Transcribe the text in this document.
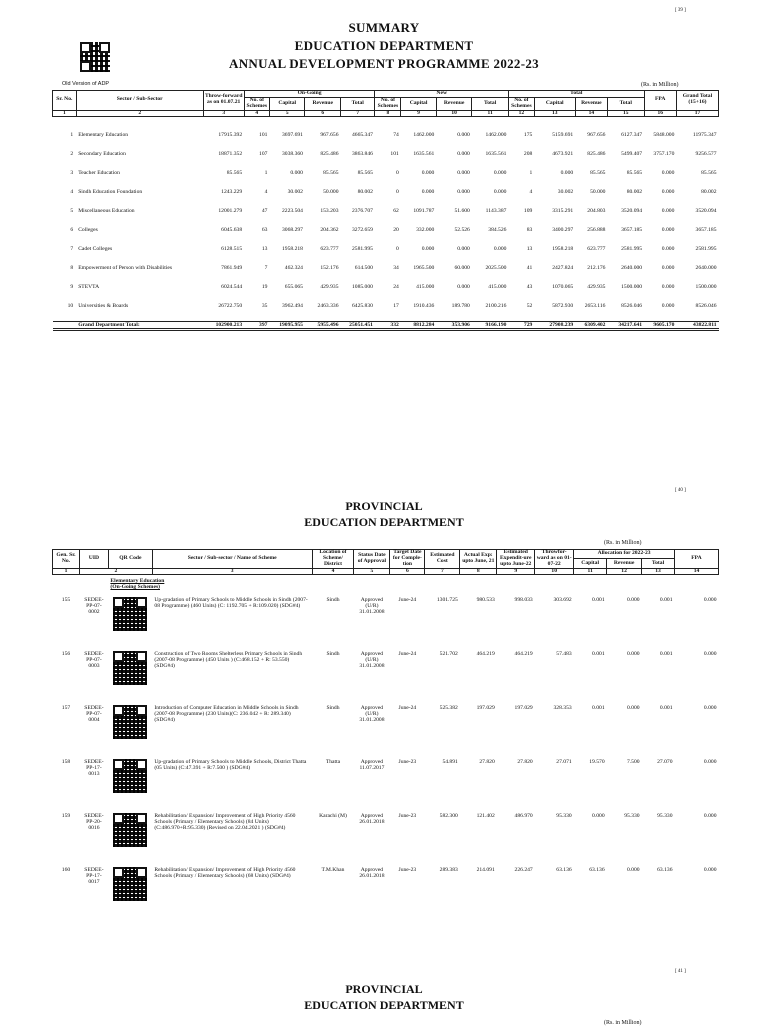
[ 39 ]
SUMMARY
EDUCATION DEPARTMENT
ANNUAL DEVELOPMENT PROGRAMME 2022-23
Old Version of ADP	(Rs. in Million)
Sr. No.	Sector / Sub-Sector	Throw-forward as on 01.07.21	On-Going				New				Total				FPA	Grand Total (15+16)
			No. of Schemes	Capital	Revenue	Total	No. of Schemes	Capital	Revenue	Total	No. of Schemes	Capital	Revenue	Total		
1	2	3	4	5	6	7	8	9	10	11	12	13	14	15	16	17

1	Elementary Education	17915.392	101	3697.691	967.656	4665.347	74	1462.000	0.000	1462.000	175	5159.691	967.656	6127.347	5848.000	11975.347
2	Secondary Education	18871.352	107	3038.360	825.486	3863.846	101	1635.561	0.000	1635.561	208	4673.921	825.486	5499.407	3757.170	9256.577
3	Teacher Education	85.565	1	0.000	85.565	85.565	0	0.000	0.000	0.000	1	0.000	85.565	85.565	0.000	85.565
4	Sindh Education Foundation	1243.229	4	30.002	50.000	80.002	0	0.000	0.000	0.000	4	30.002	50.000	80.002	0.000	80.002
5	Miscellaneous Education	12001.279	47	2223.504	153.203	2376.707	62	1091.787	51.600	1143.387	109	3315.291	204.803	3520.094	0.000	3520.094
6	Colleges	6045.638	63	3068.297	204.362	3272.659	20	332.000	52.526	384.526	83	3400.297	256.888	3657.185	0.000	3657.185
7	Cadet Colleges	6128.515	13	1958.218	623.777	2581.995	0	0.000	0.000	0.000	13	1958.218	623.777	2581.995	0.000	2581.995
8	Empowerment of Person with Disabilities	7861.949	7	462.324	152.176	614.500	34	1965.500	60.000	2025.500	41	2427.824	212.176	2640.000	0.000	2640.000
9	STEVTA	6024.544	19	655.065	429.935	1085.000	24	415.000	0.000	415.000	43	1070.065	429.935	1500.000	0.000	1500.000
10	Universities & Boards	26722.750	35	3962.494	2463.336	6425.830	17	1910.436	189.780	2100.216	52	5872.930	2653.116	8526.046	0.000	8526.046

	Grand Department Total:	102900.213	397	19095.955	5955.496	25051.451	332	8812.284	353.906	9166.190	729	27908.239	6309.402	34217.641	9605.170	43822.811
[ 40 ]
PROVINCIAL
EDUCATION DEPARTMENT
(Rs. in Million)
Gen. Sr. No.	UID	QR Code	Sector / Sub-sector / Name of Scheme	Location of Scheme/ District	Status Date of Approval	Target Date for Comple-tion	Estimated Cost	Actual Exp: upto June, 21	Estimated Expendit-ure upto June-22	Throwfor-ward as on 01-07-22	Allocation for 2022-23			FPA
											Capital	Revenue	Total	
1	2		3	4	5	6	7	8	9	10	11	12	13	14

		Elementary Education
(On-Going Schemes)												

155	SEDEE-PP-07-0002		Up-gradation of Primary Schools to Middle Schools in Sindh (2007-08 Programme) (460 Units) (C: 1192.705 + R:109.020) (SDG#4)	Sindh	Approved (U/R) 31.01.2008	June-24	1301.725	980.533	998.033	303.692	0.001	0.000	0.001	0.000
156	SEDEE-PP-07-0003		Construction of Two Rooms Shelterless Primary Schools in Sindh (2007-08 Programme) (450 Units ) (C:468.152 + R: 53.550) (SDG#4)	Sindh	Approved (U/R) 31.01.2008	June-24	521.702	464.219	464.219	57.483	0.001	0.000	0.001	0.000
157	SEDEE-PP-07-0004		Introduction of Computer Education in Middle Schools in Sindh (2007-08 Programme) (230 Units)(C: 236.042 + R: 289.340) (SDG#4)	Sindh	Approved (U/R) 31.01.2008	June-24	525.382	197.029	197.029	328.353	0.001	0.000	0.001	0.000
158	SEDEE-PP-17-0013		Up-gradation of Primary Schools to Middle Schools, District Thatta (05 Units) (C:47.391 + R:7.500 ) (SDG#4)	Thatta	Approved 11.07.2017	June-23	54.891	27.820	27.820	27.071	19.570	7.500	27.070	0.000
159	SEDEE-PP-20-0016		Rehabilitation/ Expansion/ Improvement of High Priority 4560 Schools (Primary / Elementary Schools) (84 Units) (C:486.970+R:95.330) (Revised on 22.04.2021 ) (SDG#4)	Karachi (M)	Approved 26.01.2018	June-23	582.300	121.402	486.970	95.330	0.000	95.330	95.330	0.000
160	SEDEE-PP-17-0017		Rehabilitation/ Expansion/ Improvement of High Priority 4560 Schools (Primary / Elementary Schools) (68 Units) (SDG#4)	T.M.Khan	Approved 26.01.2018	June-23	289.383	214.091	226.247	63.136	63.136	0.000	63.136	0.000
[ 41 ]
PROVINCIAL
EDUCATION DEPARTMENT
(Rs. in Million)
